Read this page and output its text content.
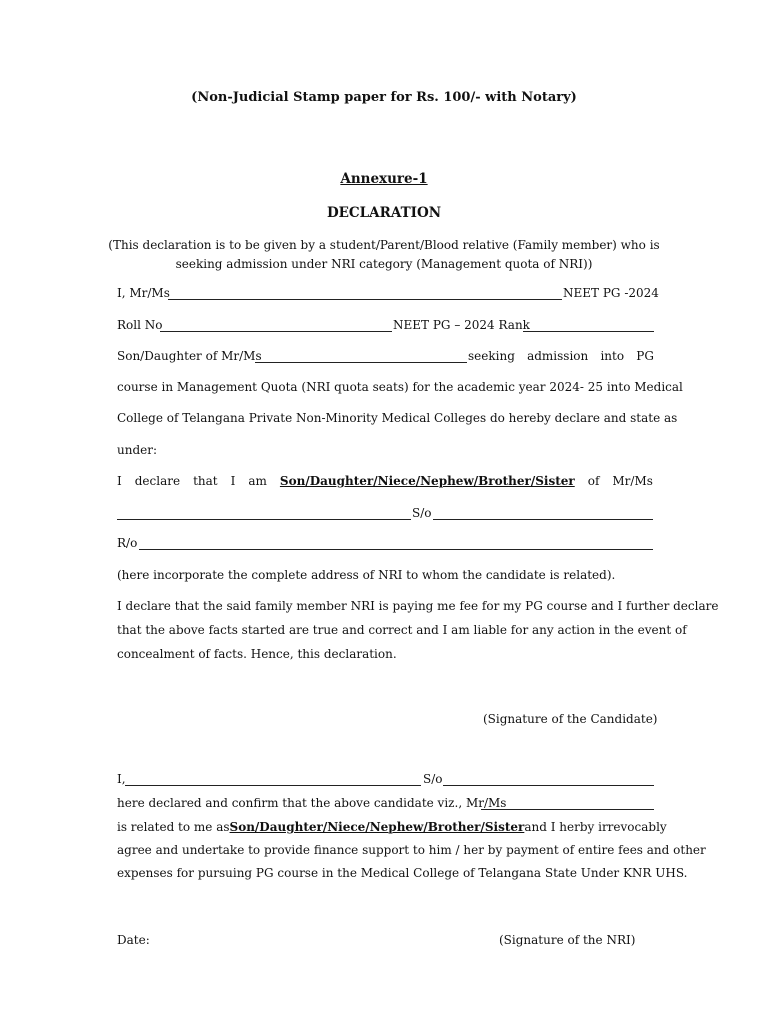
(Non-Judicial Stamp paper for Rs. 100/- with Notary)
Annexure-1
DECLARATION
(This declaration is to be given by a student/Parent/Blood relative (Family member) who is
seeking admission under NRI category (Management quota of NRI))
I, Mr/Ms	NEET PG -2024
Roll No	NEET PG – 2024 Rank
Son/Daughter of Mr/Ms	seeking admission into PG
course in Management Quota (NRI quota seats) for the academic year 2024- 25 into Medical
College of Telangana Private Non-Minority Medical Colleges do hereby declare and state as
under:
I declare that I am Son/Daughter/Niece/Nephew/Brother/Sister of Mr/Ms
S/o
R/o
(here incorporate the complete address of NRI to whom the candidate is related).
I declare that the said family member NRI is paying me fee for my PG course and I further declare
that the above facts started are true and correct and I am liable for any action in the event of
concealment of facts. Hence, this declaration.
(Signature of the Candidate)
I,	S/o
here declared and confirm that the above candidate viz., Mr/Ms
is related to me as Son/Daughter/Niece/Nephew/Brother/Sister and I herby irrevocably
agree and undertake to provide finance support to him / her by payment of entire fees and other
expenses for pursuing PG course in the Medical College of Telangana State Under KNR UHS.
Date:	(Signature of the NRI)
